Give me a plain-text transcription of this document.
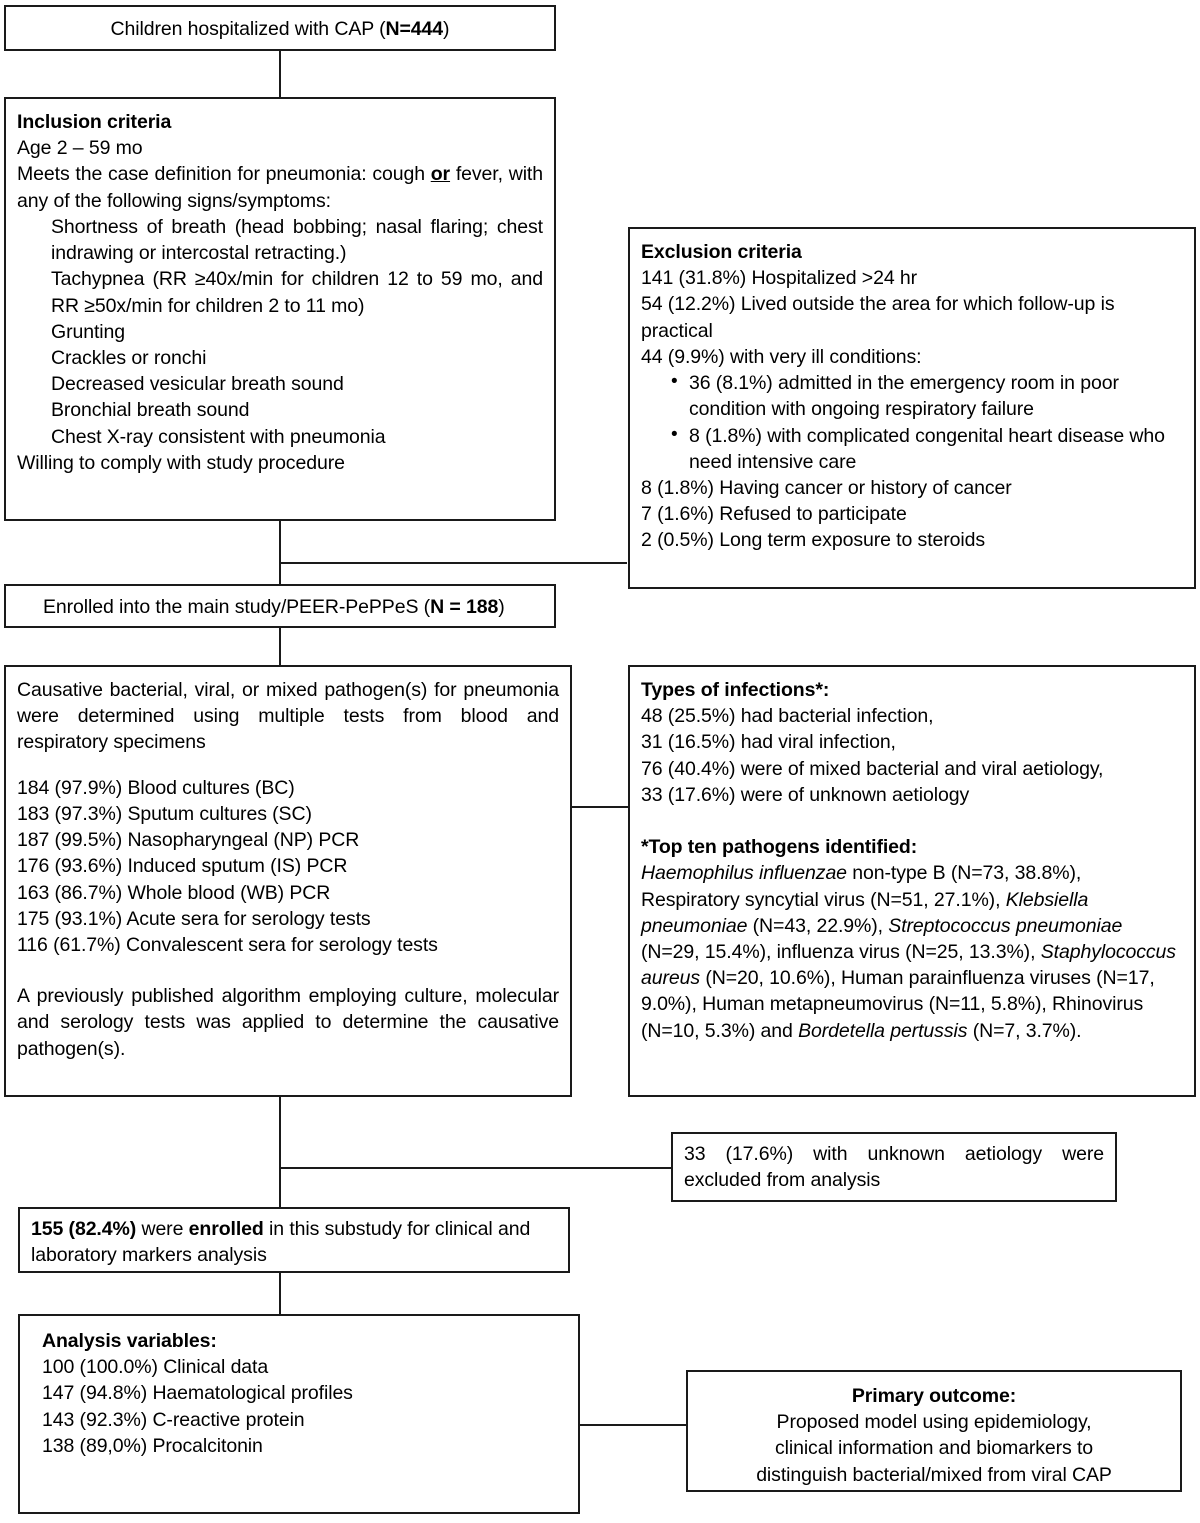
Children hospitalized with CAP (N=444)
Inclusion criteria
Age 2 – 59 mo
Meets the case definition for pneumonia: cough or fever, with any of the following signs/symptoms:
Shortness of breath (head bobbing; nasal flaring; chest indrawing or intercostal retracting.)
Tachypnea (RR ≥40x/min for children 12 to 59 mo, and RR ≥50x/min for children 2 to 11 mo)
Grunting
Crackles or ronchi
Decreased vesicular breath sound
Bronchial breath sound
Chest X-ray consistent with pneumonia
Willing to comply with study procedure
Exclusion criteria
141 (31.8%) Hospitalized >24 hr
54 (12.2%) Lived outside the area for which follow-up is practical
44 (9.9%) with very ill conditions:
• 36 (8.1%) admitted in the emergency room in poor condition with ongoing respiratory failure
• 8 (1.8%) with complicated congenital heart disease who need intensive care
8 (1.8%) Having cancer or history of cancer
7 (1.6%) Refused to participate
2 (0.5%) Long term exposure to steroids
Enrolled into the main study/PEER-PePPeS (N = 188)
Causative bacterial, viral, or mixed pathogen(s) for pneumonia were determined using multiple tests from blood and respiratory specimens
184 (97.9%) Blood cultures (BC)
183 (97.3%) Sputum cultures (SC)
187 (99.5%) Nasopharyngeal (NP) PCR
176 (93.6%) Induced sputum (IS) PCR
163 (86.7%) Whole blood (WB) PCR
175 (93.1%) Acute sera for serology tests
116 (61.7%) Convalescent sera for serology tests
A previously published algorithm employing culture, molecular and serology tests was applied to determine the causative pathogen(s).
Types of infections*:
48 (25.5%) had bacterial infection,
31 (16.5%) had viral infection,
76 (40.4%) were of mixed bacterial and viral aetiology,
33 (17.6%) were of unknown aetiology
*Top ten pathogens identified:
Haemophilus influenzae non-type B (N=73, 38.8%), Respiratory syncytial virus (N=51, 27.1%), Klebsiella pneumoniae (N=43, 22.9%), Streptococcus pneumoniae (N=29, 15.4%), influenza virus (N=25, 13.3%), Staphylococcus aureus (N=20, 10.6%), Human parainfluenza viruses (N=17, 9.0%), Human metapneumovirus (N=11, 5.8%), Rhinovirus (N=10, 5.3%) and Bordetella pertussis (N=7, 3.7%).
33 (17.6%) with unknown aetiology were excluded from analysis
155 (82.4%) were enrolled in this substudy for clinical and laboratory markers analysis
Analysis variables:
100 (100.0%) Clinical data
147 (94.8%) Haematological profiles
143 (92.3%) C-reactive protein
138 (89,0%) Procalcitonin
Primary outcome:
Proposed model using epidemiology,
clinical information and biomarkers to
distinguish bacterial/mixed from viral CAP
